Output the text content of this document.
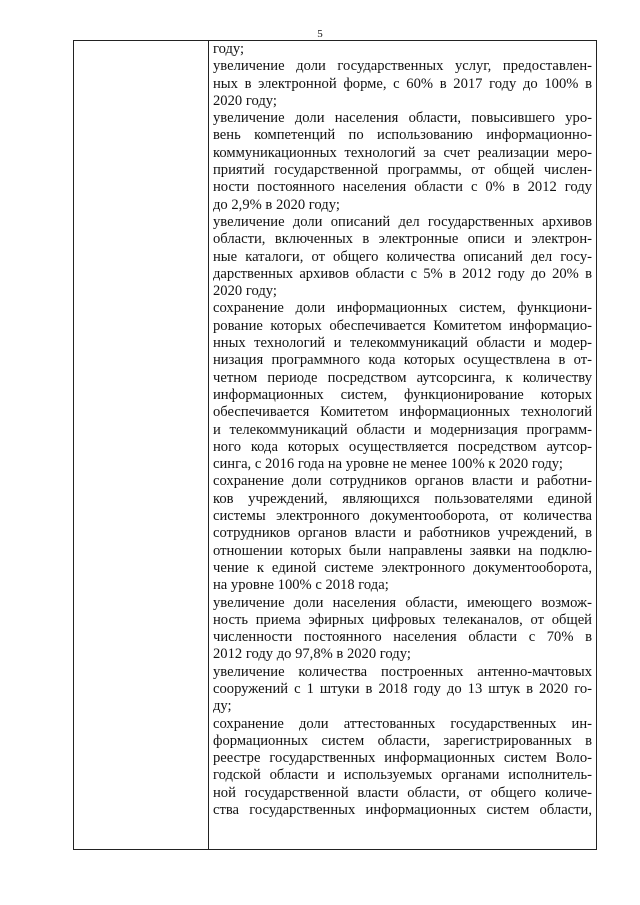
5
году;
увеличение доли государственных услуг, предоставлен-
ных в электронной форме, с 60% в 2017 году до 100% в
2020 году;
увеличение доли населения области, повысившего уро-
вень компетенций по использованию информационно-
коммуникационных технологий за счет реализации меро-
приятий государственной программы, от общей числен-
ности постоянного населения области с 0% в 2012 году
до 2,9% в 2020 году;
увеличение доли описаний дел государственных архивов
области, включенных в электронные описи и электрон-
ные каталоги, от общего количества описаний дел госу-
дарственных архивов области с 5% в 2012 году до 20% в
2020 году;
сохранение доли информационных систем, функциони-
рование которых обеспечивается Комитетом информацио-
нных технологий и телекоммуникаций области и модер-
низация программного кода которых осуществлена в от-
четном периоде посредством аутсорсинга, к количеству
информационных систем, функционирование которых
обеспечивается Комитетом информационных технологий
и телекоммуникаций области и модернизация программ-
ного кода которых осуществляется посредством аутсор-
синга, с 2016 года на уровне не менее 100% к 2020 году;
сохранение доли сотрудников органов власти и работни-
ков учреждений, являющихся пользователями единой
системы электронного документооборота, от количества
сотрудников органов власти и работников учреждений, в
отношении которых были направлены заявки на подклю-
чение к единой системе электронного документооборота,
на уровне 100% с 2018 года;
увеличение доли населения области, имеющего возмож-
ность приема эфирных цифровых телеканалов, от общей
численности постоянного населения области с 70% в
2012 году до 97,8% в 2020 году;
увеличение количества построенных антенно-мачтовых
сооружений с 1 штуки в 2018 году до 13 штук в 2020 го-
ду;
сохранение доли аттестованных государственных ин-
формационных систем области, зарегистрированных в
реестре государственных информационных систем Воло-
годской области и используемых органами исполнитель-
ной государственной власти области, от общего количе-
ства государственных информационных систем области,
